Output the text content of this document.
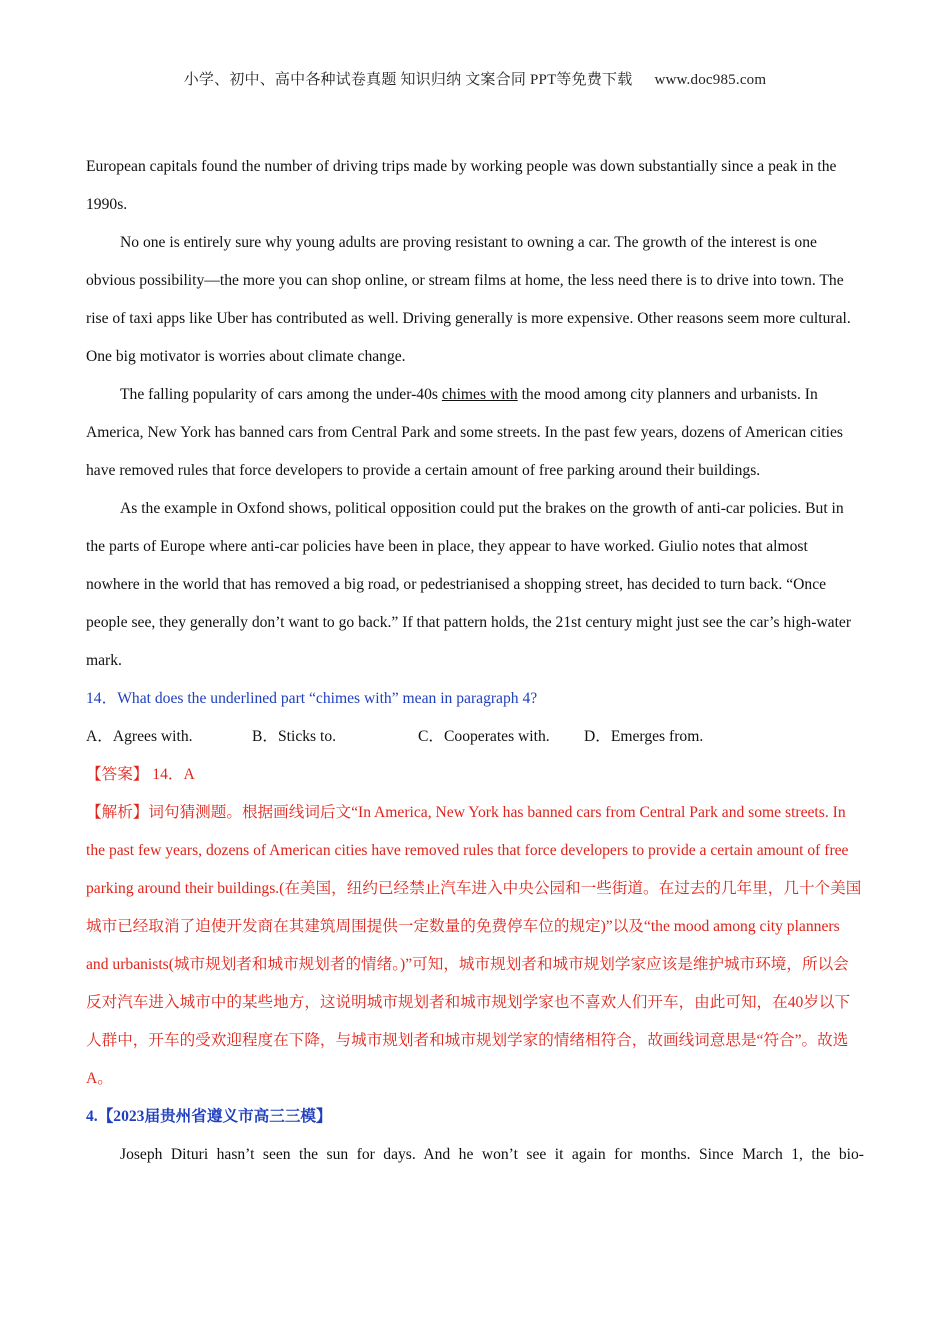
小学、初中、高中各种试卷真题 知识归纳 文案合同 PPT等免费下载 www.doc985.com

European capitals found the number of driving trips made by working people was down substantially since a peak in the 1990s.

No one is entirely sure why young adults are proving resistant to owning a car. The growth of the interest is one obvious possibility—the more you can shop online, or stream films at home, the less need there is to drive into town. The rise of taxi apps like Uber has contributed as well. Driving generally is more expensive. Other reasons seem more cultural. One big motivator is worries about climate change.

The falling popularity of cars among the under-40s chimes with the mood among city planners and urbanists. In America, New York has banned cars from Central Park and some streets. In the past few years, dozens of American cities have removed rules that force developers to provide a certain amount of free parking around their buildings.

As the example in Oxfond shows, political opposition could put the brakes on the growth of anti-car policies. But in the parts of Europe where anti-car policies have been in place, they appear to have worked. Giulio notes that almost nowhere in the world that has removed a big road, or pedestrianised a shopping street, has decided to turn back. “Once people see, they generally don’t want to go back.” If that pattern holds, the 21st century might just see the car’s high-water mark.

14．What does the underlined part “chimes with” mean in paragraph 4?

A．Agrees with.	B．Sticks to.	C．Cooperates with.	D．Emerges from.

【答案】 14．A

【解析】词句猜测题。根据画线词后文“In America, New York has banned cars from Central Park and some streets. In the past few years, dozens of American cities have removed rules that force developers to provide a certain amount of free parking around their buildings.(在美国，纽约已经禁止汽车进入中央公园和一些街道。在过去的几年里，几十个美国城市已经取消了迫使开发商在其建筑周围提供一定数量的免费停车位的规定)”以及“the mood among city planners and urbanists(城市规划者和城市规划者的情绪。)”可知，城市规划者和城市规划学家应该是维护城市环境，所以会反对汽车进入城市中的某些地方，这说明城市规划者和城市规划学家也不喜欢人们开车，由此可知，在40岁以下人群中，开车的受欢迎程度在下降，与城市规划者和城市规划学家的情绪相符合，故画线词意思是“符合”。故选A。

4.【2023届贵州省遵义市高三三模】

Joseph Dituri hasn’t seen the sun for days. And he won’t see it again for months. Since March 1, the bio-
